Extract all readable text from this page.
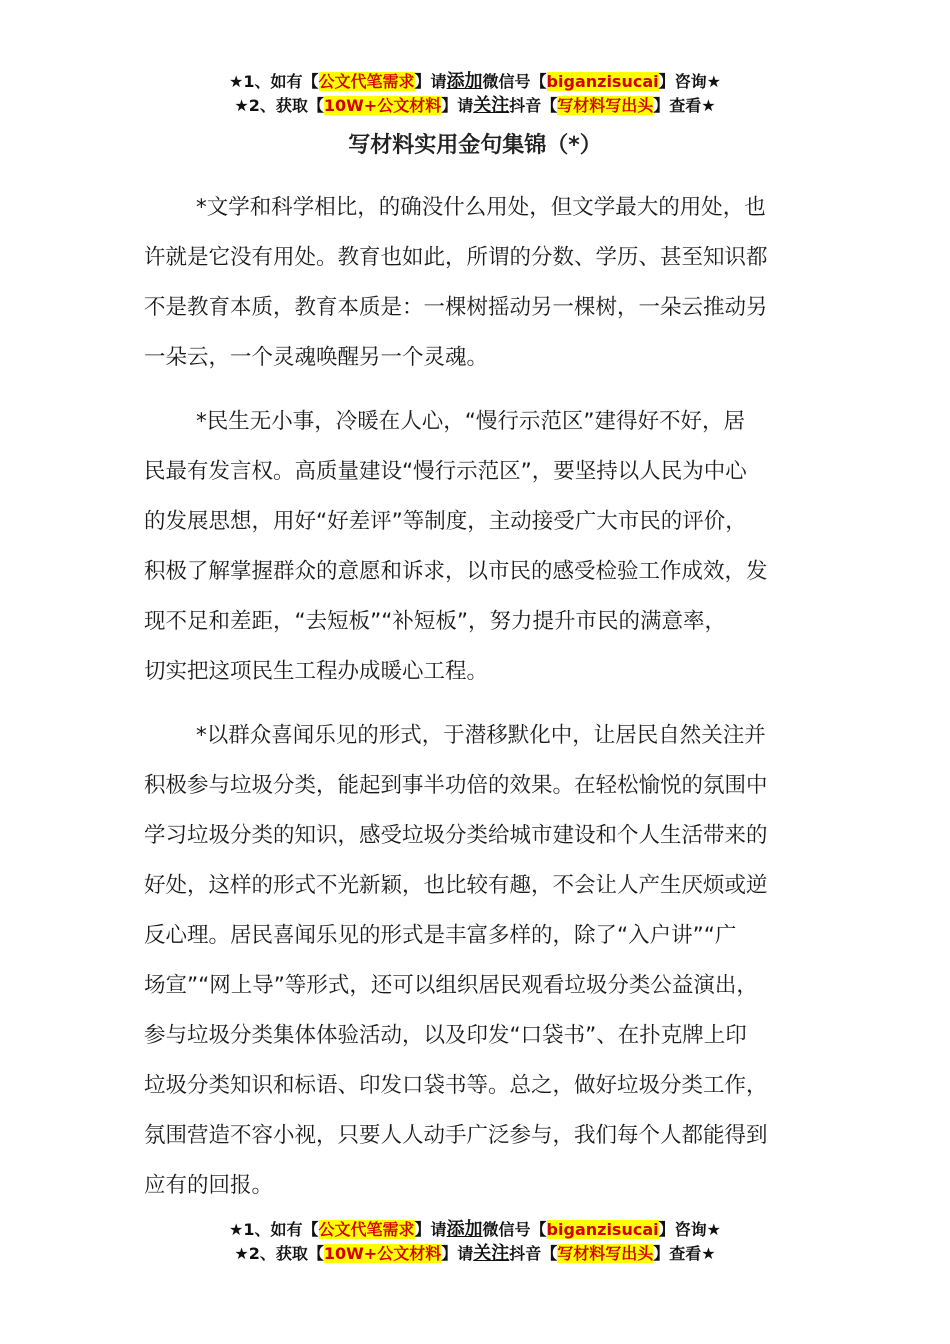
★1、如有【公文代笔需求】请添加微信号【biganzisucai】咨询★
★2、获取【10W+公文材料】请关注抖音【写材料写出头】查看★
写材料实用金句集锦（*）
*文学和科学相比，的确没什么用处，但文学最大的用处，也
许就是它没有用处。教育也如此，所谓的分数、学历、甚至知识都
不是教育本质，教育本质是：一棵树摇动另一棵树，一朵云推动另
一朵云，一个灵魂唤醒另一个灵魂。
*民生无小事，冷暖在人心，“慢行示范区”建得好不好，居
民最有发言权。高质量建设“慢行示范区”，要坚持以人民为中心
的发展思想，用好“好差评”等制度，主动接受广大市民的评价，
积极了解掌握群众的意愿和诉求，以市民的感受检验工作成效，发
现不足和差距，“去短板”“补短板”，努力提升市民的满意率，
切实把这项民生工程办成暖心工程。
*以群众喜闻乐见的形式，于潜移默化中，让居民自然关注并
积极参与垃圾分类，能起到事半功倍的效果。在轻松愉悦的氛围中
学习垃圾分类的知识，感受垃圾分类给城市建设和个人生活带来的
好处，这样的形式不光新颖，也比较有趣，不会让人产生厌烦或逆
反心理。居民喜闻乐见的形式是丰富多样的，除了“入户讲”“广
场宣”“网上导”等形式，还可以组织居民观看垃圾分类公益演出，
参与垃圾分类集体体验活动，以及印发“口袋书”、在扑克牌上印
垃圾分类知识和标语、印发口袋书等。总之，做好垃圾分类工作，
氛围营造不容小视，只要人人动手广泛参与，我们每个人都能得到
应有的回报。
★1、如有【公文代笔需求】请添加微信号【biganzisucai】咨询★
★2、获取【10W+公文材料】请关注抖音【写材料写出头】查看★
